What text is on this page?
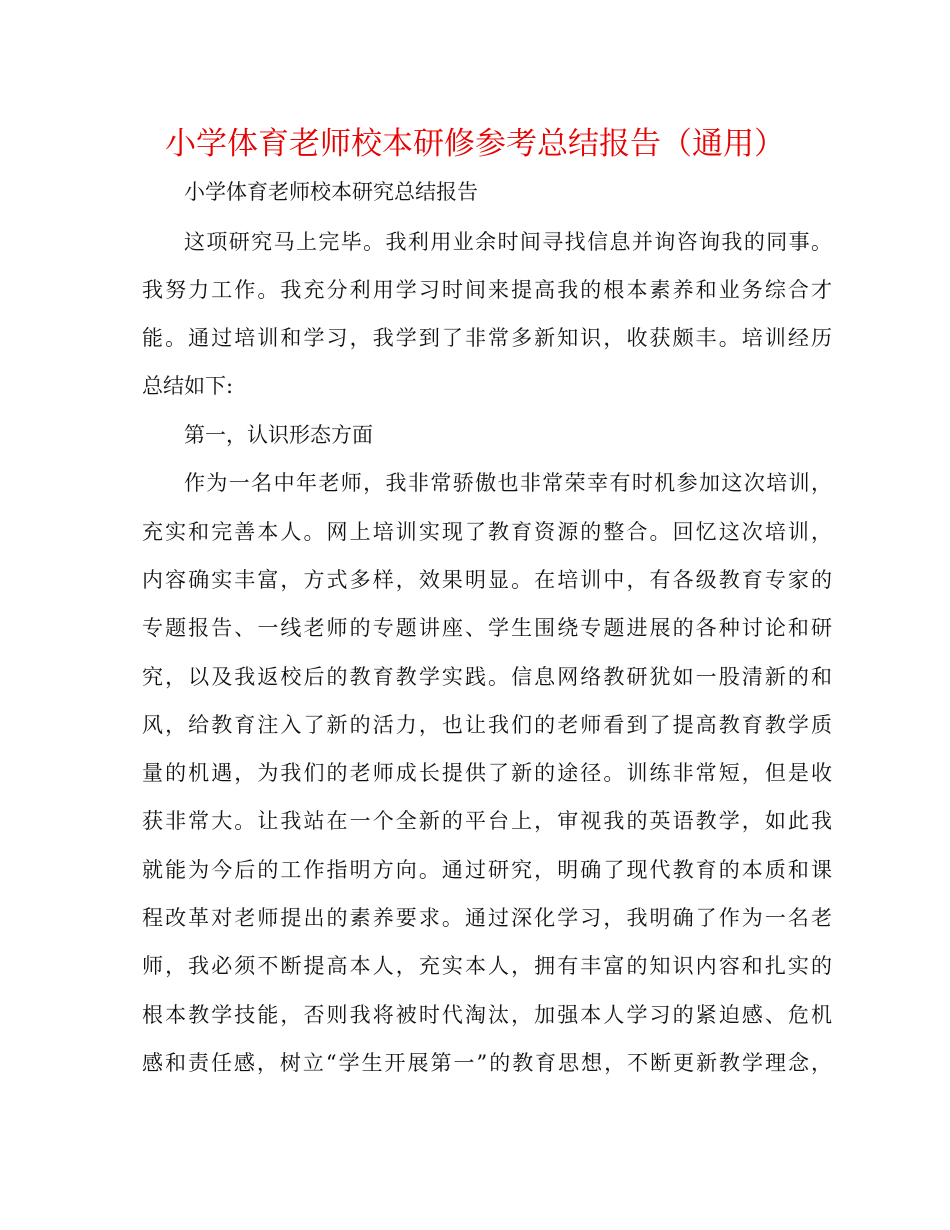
小学体育老师校本研修参考总结报告（通用）

小学体育老师校本研究总结报告

这项研究马上完毕。我利用业余时间寻找信息并询咨询我的同事。

我努力工作。我充分利用学习时间来提高我的根本素养和业务综合才

能。通过培训和学习，我学到了非常多新知识，收获颇丰。培训经历

总结如下:

第一，认识形态方面

作为一名中年老师，我非常骄傲也非常荣幸有时机参加这次培训，

充实和完善本人。网上培训实现了教育资源的整合。回忆这次培训，

内容确实丰富，方式多样，效果明显。在培训中，有各级教育专家的

专题报告、一线老师的专题讲座、学生围绕专题进展的各种讨论和研

究，以及我返校后的教育教学实践。信息网络教研犹如一股清新的和

风，给教育注入了新的活力，也让我们的老师看到了提高教育教学质

量的机遇，为我们的老师成长提供了新的途径。训练非常短，但是收

获非常大。让我站在一个全新的平台上，审视我的英语教学，如此我

就能为今后的工作指明方向。通过研究，明确了现代教育的本质和课

程改革对老师提出的素养要求。通过深化学习，我明确了作为一名老

师，我必须不断提高本人，充实本人，拥有丰富的知识内容和扎实的

根本教学技能，否则我将被时代淘汰，加强本人学习的紧迫感、危机

感和责任感，树立“学生开展第一”的教育思想，不断更新教学理念，
